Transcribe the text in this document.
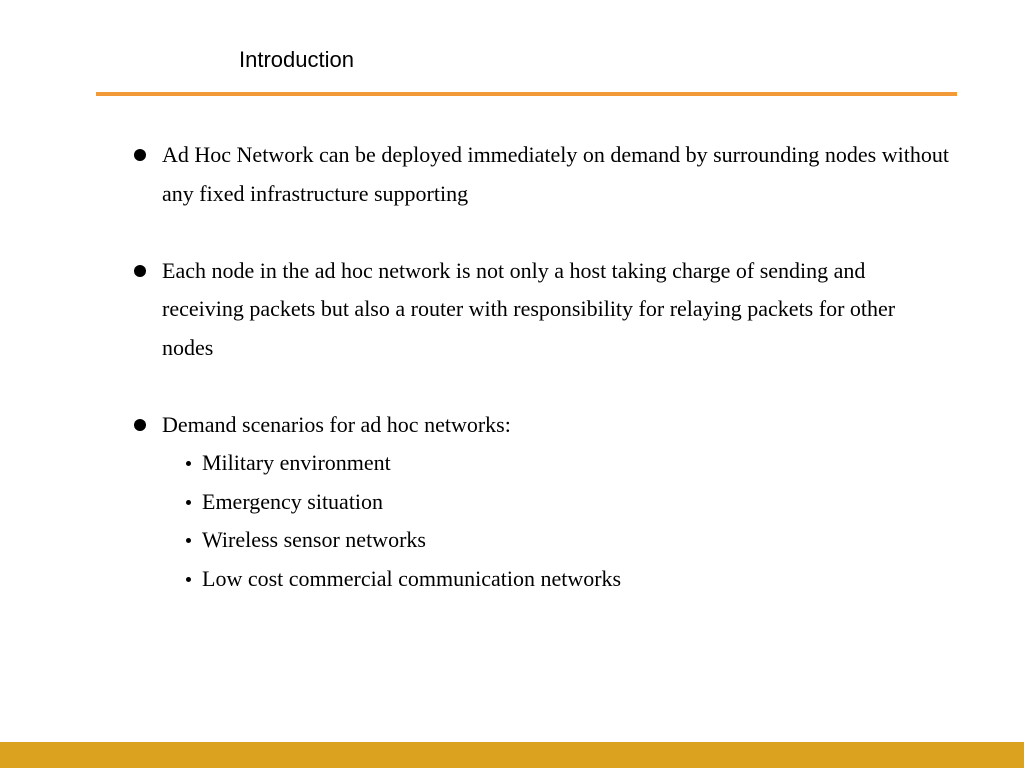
Introduction
Ad Hoc Network can be deployed immediately on demand by surrounding nodes without any fixed infrastructure supporting
Each node in the ad hoc network is not only a host taking charge of sending and receiving packets but also a router with responsibility for relaying packets for other nodes
Demand scenarios for ad hoc networks:
Military environment
Emergency situation
Wireless sensor networks
Low cost commercial communication networks
